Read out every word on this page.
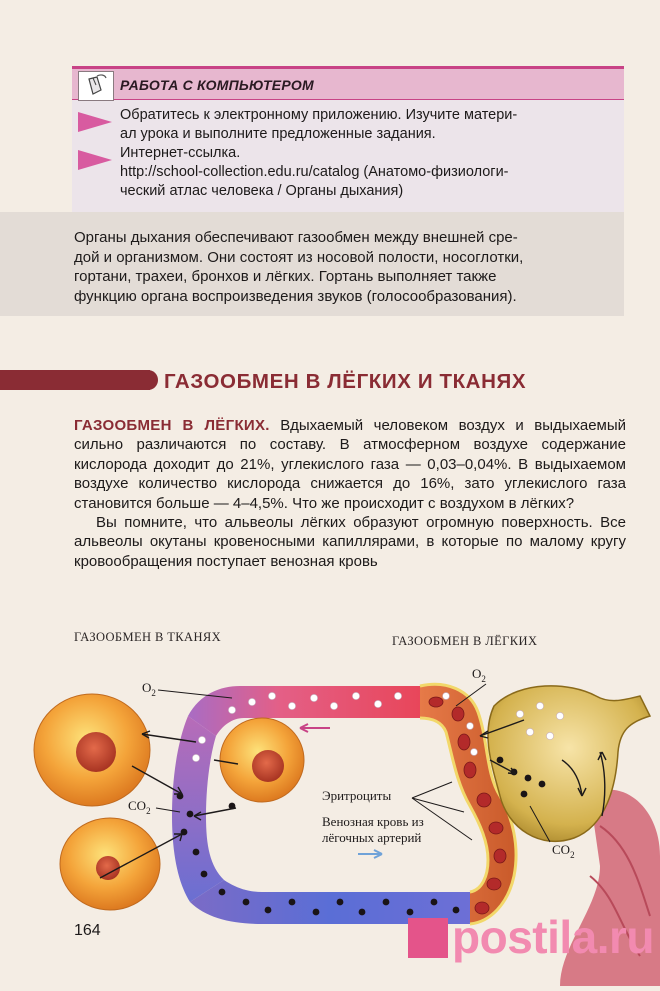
РАБОТА С КОМПЬЮТЕРОМ

Обратитесь к электронному приложению. Изучите матери-

ал урока и выполните предложенные задания.

Интернет-ссылка.

http://school-collection.edu.ru/catalog (Анатомо-физиологи-

ческий атлас человека / Органы дыхания)

Органы дыхания обеспечивают газообмен между внешней сре-
дой и организмом. Они состоят из носовой полости, носоглотки,
гортани, трахеи, бронхов и лёгких. Гортань выполняет также
функцию органа воспроизведения звуков (голосообразования).
ГАЗООБМЕН В ЛЁГКИХ И ТКАНЯХ

ГАЗООБМЕН В ЛЁГКИХ. Вдыхаемый человеком воздух и выдыхаемый сильно различаются по составу. В атмосферном воздухе содержание кислорода доходит до 21%, углекислого газа — 0,03–0,04%. В выдыхаемом воздухе количество кислорода снижается до 16%, зато углекислого газа становится больше — 4–4,5%. Что же происходит с воздухом в лёгких?

Вы помните, что альвеолы лёгких образуют огромную поверхность. Все альвеолы окутаны кровеносными капиллярами, в которые по малому кругу кровообращения поступает венозная кровь

ГАЗООБМЕН В ТКАНЯХ	ГАЗООБМЕН В ЛЁГКИХ
$O_2$
$CO_2$
$O_2$
$CO_2$
Эритроциты
Венозная кровь из
лёгочных артерий
164	postila.ru
